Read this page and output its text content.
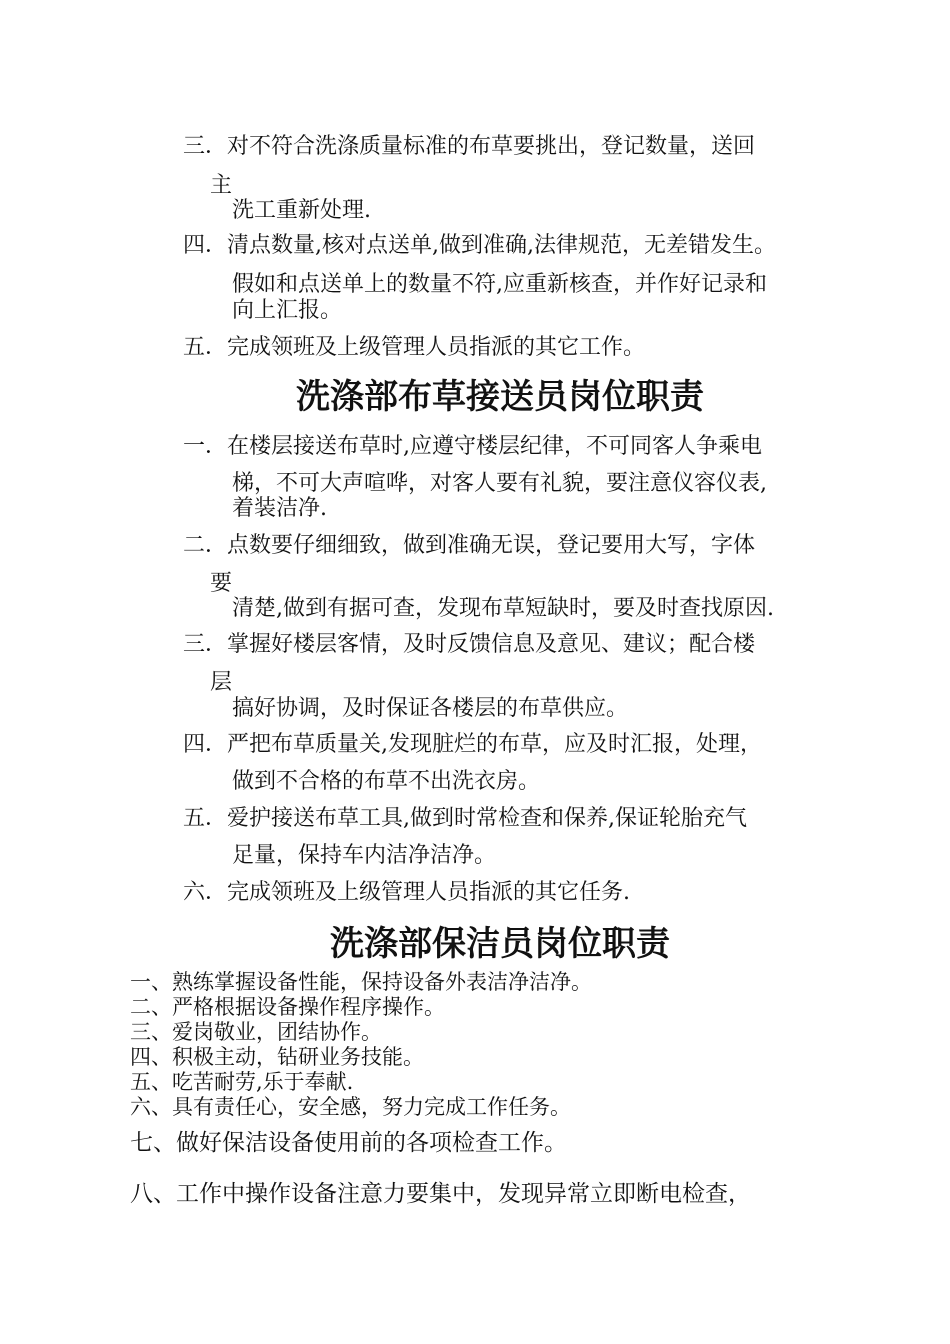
三．对不符合洗涤质量标准的布草要挑出，登记数量，送回
主
洗工重新处理.
四．清点数量,核对点送单,做到准确,法律规范，无差错发生。
假如和点送单上的数量不符,应重新核查，并作好记录和
向上汇报。
五．完成领班及上级管理人员指派的其它工作。
洗涤部布草接送员岗位职责
一．在楼层接送布草时,应遵守楼层纪律，不可同客人争乘电
梯，不可大声喧哗，对客人要有礼貌，要注意仪容仪表,
着装洁净.
二．点数要仔细细致，做到准确无误，登记要用大写，字体
要
清楚,做到有据可查，发现布草短缺时，要及时查找原因.
三．掌握好楼层客情，及时反馈信息及意见、建议；配合楼
层
搞好协调，及时保证各楼层的布草供应。
四．严把布草质量关,发现脏烂的布草，应及时汇报，处理，
做到不合格的布草不出洗衣房。
五．爱护接送布草工具,做到时常检查和保养,保证轮胎充气
足量，保持车内洁净洁净。
六．完成领班及上级管理人员指派的其它任务.
洗涤部保洁员岗位职责
一、熟练掌握设备性能，保持设备外表洁净洁净。
二、严格根据设备操作程序操作。
三、爱岗敬业，团结协作。
四、积极主动，钻研业务技能。
五、吃苦耐劳,乐于奉献.
六、具有责任心，安全感，努力完成工作任务。
七、做好保洁设备使用前的各项检查工作。
八、工作中操作设备注意力要集中，发现异常立即断电检查，
